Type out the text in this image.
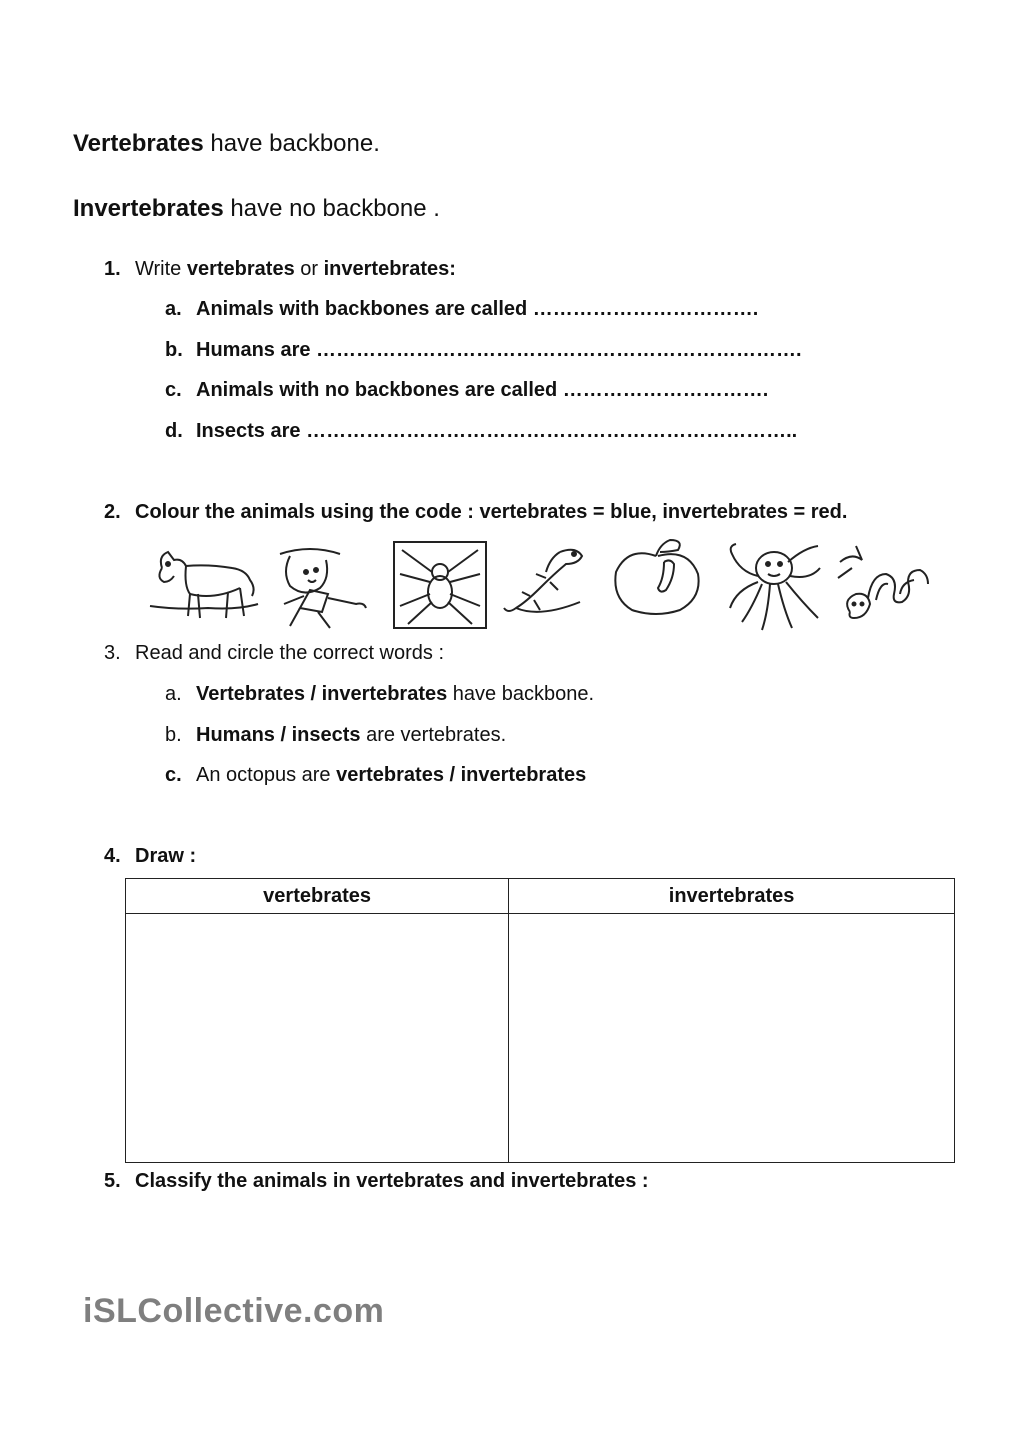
Vertebrates have backbone.
Invertebrates have no backbone .
1. Write vertebrates or invertebrates:
a. Animals with backbones are called …………………………….
b. Humans are ……………………………………………………………….
c. Animals with no backbones are called ………………………….
d. Insects are ………………………………………………………………..
2. Colour the animals using the code : vertebrates = blue, invertebrates = red.
3. Read and circle the correct words :
a. Vertebrates / invertebrates have backbone.
b. Humans / insects are vertebrates.
c. An octopus are vertebrates / invertebrates
4. Draw :
vertebrates	invertebrates

5. Classify the animals in vertebrates and invertebrates :
iSLCollective.com
